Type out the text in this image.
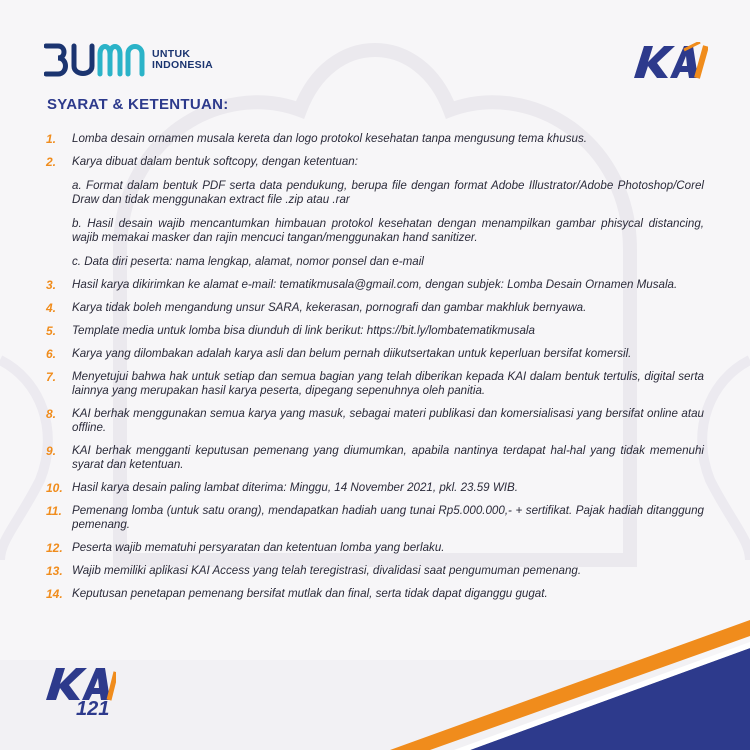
UNTUK
INDONESIA
SYARAT & KETENTUAN:
1.	Lomba desain ornamen musala kereta dan logo protokol kesehatan tanpa mengusung tema khusus.

2.	Karya dibuat dalam bentuk softcopy, dengan ketentuan:

a. Format dalam bentuk PDF serta data pendukung, berupa file dengan format Adobe Illustrator/Adobe Photoshop/Corel Draw dan tidak menggunakan extract file .zip atau .rar

b. Hasil desain wajib mencantumkan himbauan protokol kesehatan dengan menampilkan gambar phisycal distancing, wajib memakai masker dan rajin mencuci tangan/menggunakan hand sanitizer.

c. Data diri peserta: nama lengkap, alamat, nomor ponsel dan e-mail

3.	Hasil karya dikirimkan ke alamat e-mail: tematikmusala@gmail.com, dengan subjek: Lomba Desain Ornamen Musala.

4.	Karya tidak boleh mengandung unsur SARA, kekerasan, pornografi dan gambar makhluk bernyawa.

5.	Template media untuk lomba bisa diunduh di link berikut: https://bit.ly/lombatematikmusala

6.	Karya yang dilombakan adalah karya asli dan belum pernah diikutsertakan untuk keperluan bersifat komersil.

7.	Menyetujui bahwa hak untuk setiap dan semua bagian yang telah diberikan kepada KAI dalam bentuk tertulis, digital serta lainnya yang merupakan hasil karya peserta, dipegang sepenuhnya oleh panitia.

8.	KAI berhak menggunakan semua karya yang masuk, sebagai materi publikasi dan komersialisasi yang bersifat online atau offline.

9.	KAI berhak mengganti keputusan pemenang yang diumumkan, apabila nantinya terdapat hal-hal yang tidak memenuhi syarat dan ketentuan.

10. Hasil karya desain paling lambat diterima: Minggu, 14 November 2021, pkl. 23.59 WIB.

11. Pemenang lomba (untuk satu orang), mendapatkan hadiah uang tunai Rp5.000.000,- + sertifikat. Pajak hadiah ditanggung pemenang.

12. Peserta wajib mematuhi persyaratan dan ketentuan lomba yang berlaku.

13. Wajib memiliki aplikasi KAI Access yang telah teregistrasi, divalidasi saat pengumuman pemenang.

14. Keputusan penetapan pemenang bersifat mutlak dan final, serta tidak dapat diganggu gugat.

121
